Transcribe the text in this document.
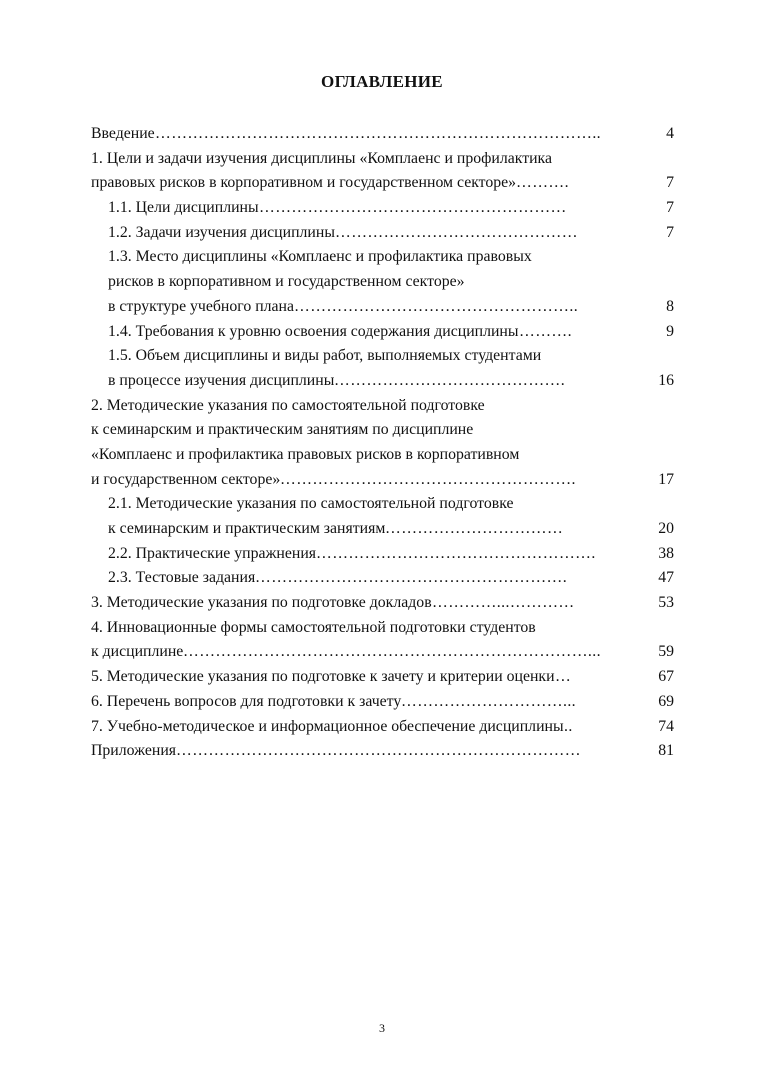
ОГЛАВЛЕНИЕ
Введение ………………………………………………………………………..	4
1. Цели и задачи изучения дисциплины «Комплаенс и профилактика
правовых рисков в корпоративном и государственном секторе» ……….	7
1.1. Цели дисциплины …………………………………………………	7
1.2. Задачи изучения дисциплины ………………………………………	7
1.3. Место дисциплины «Комплаенс и профилактика правовых
рисков в корпоративном и государственном секторе»
в структуре учебного плана ……………………………………………..	8
1.4. Требования к уровню освоения содержания дисциплины ……….	9
1.5. Объем дисциплины и виды работ, выполняемых студентами
в процессе изучения дисциплины …………………………………….	16
2. Методические указания по самостоятельной подготовке
к семинарским и практическим занятиям по дисциплине
«Комплаенс и профилактика правовых рисков в корпоративном
и государственном секторе» ……………………………………………….	17
2.1. Методические указания по самостоятельной подготовке
к семинарским и практическим занятиям ……………………………	20
2.2. Практические упражнения …………………………………………….	38
2.3. Тестовые задания ………………………………………………….	47
3. Методические указания по подготовке докладов …………...…………	53
4. Инновационные формы самостоятельной подготовки студентов
к дисциплине …………………………………………………………………...	59
5. Методические указания по подготовке к зачету и критерии оценки …	67
6. Перечень вопросов для подготовки к зачету …………………………...	69
7. Учебно-методическое и информационное обеспечение дисциплины ..	74
Приложения …………………………………………………………………	81
3
